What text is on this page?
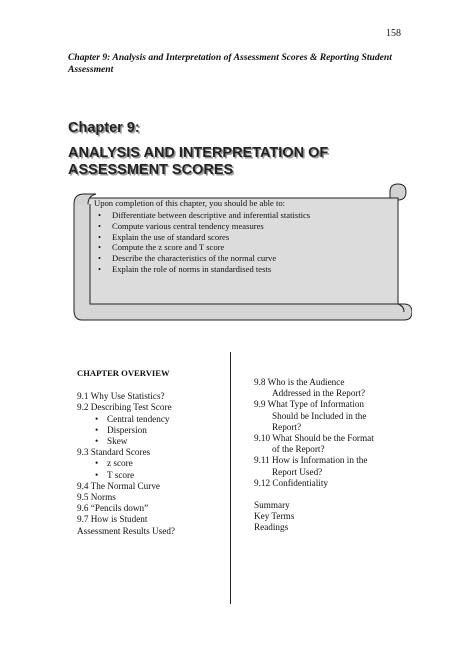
158
Chapter 9: Analysis and Interpretation of Assessment Scores & Reporting Student Assessment
Chapter 9:
ANALYSIS AND INTERPRETATION OF ASSESSMENT SCORES

Upon completion of this chapter, you should be able to:

• Differentiate between descriptive and inferential statistics
• Compute various central tendency measures
• Explain the use of standard scores
• Compute the z score and T score
• Describe the characteristics of the normal curve
• Explain the role of norms in standardised tests
CHAPTER OVERVIEW
9.1 Why Use Statistics?
9.2 Describing Test Score
• Central tendency
• Dispersion
• Skew
9.3 Standard Scores
• z score
• T score
9.4 The Normal Curve
9.5 Norms
9.6 “Pencils down”
9.7 How is Student
Assessment Results Used?
9.8 Who is the Audience
Addressed in the Report?
9.9 What Type of Information
Should be Included in the
Report?
9.10 What Should be the Format
of the Report?
9.11 How is Information in the
Report Used?
9.12 Confidentiality
Summary
Key Terms
Readings
